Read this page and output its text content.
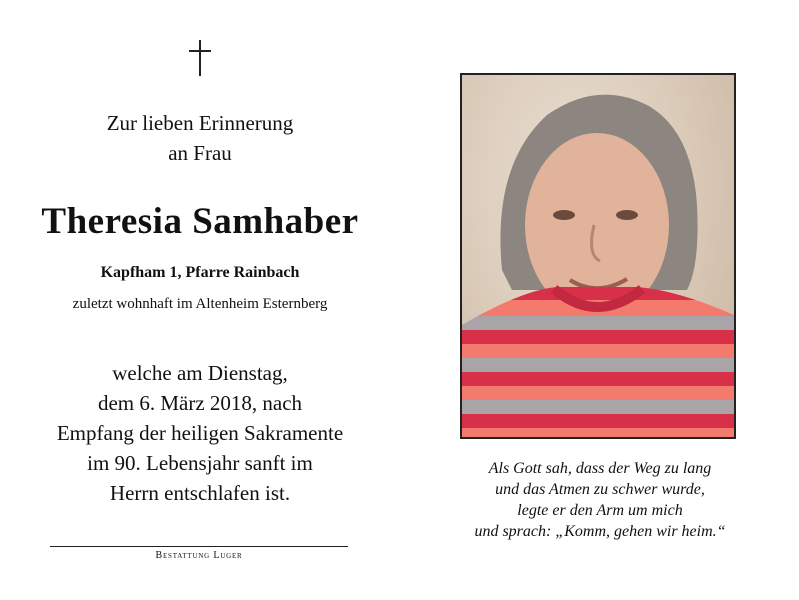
Zur lieben Erinnerung
an Frau
Theresia Samhaber
Kapfham 1, Pfarre Rainbach
zuletzt wohnhaft im Altenheim Esternberg
welche am Dienstag,
dem 6. März 2018, nach
Empfang der heiligen Sakramente
im 90. Lebensjahr sanft im
Herrn entschlafen ist.
Bestattung Luger
Als Gott sah, dass der Weg zu lang
und das Atmen zu schwer wurde,
legte er den Arm um mich
und sprach: „Komm, gehen wir heim.“
